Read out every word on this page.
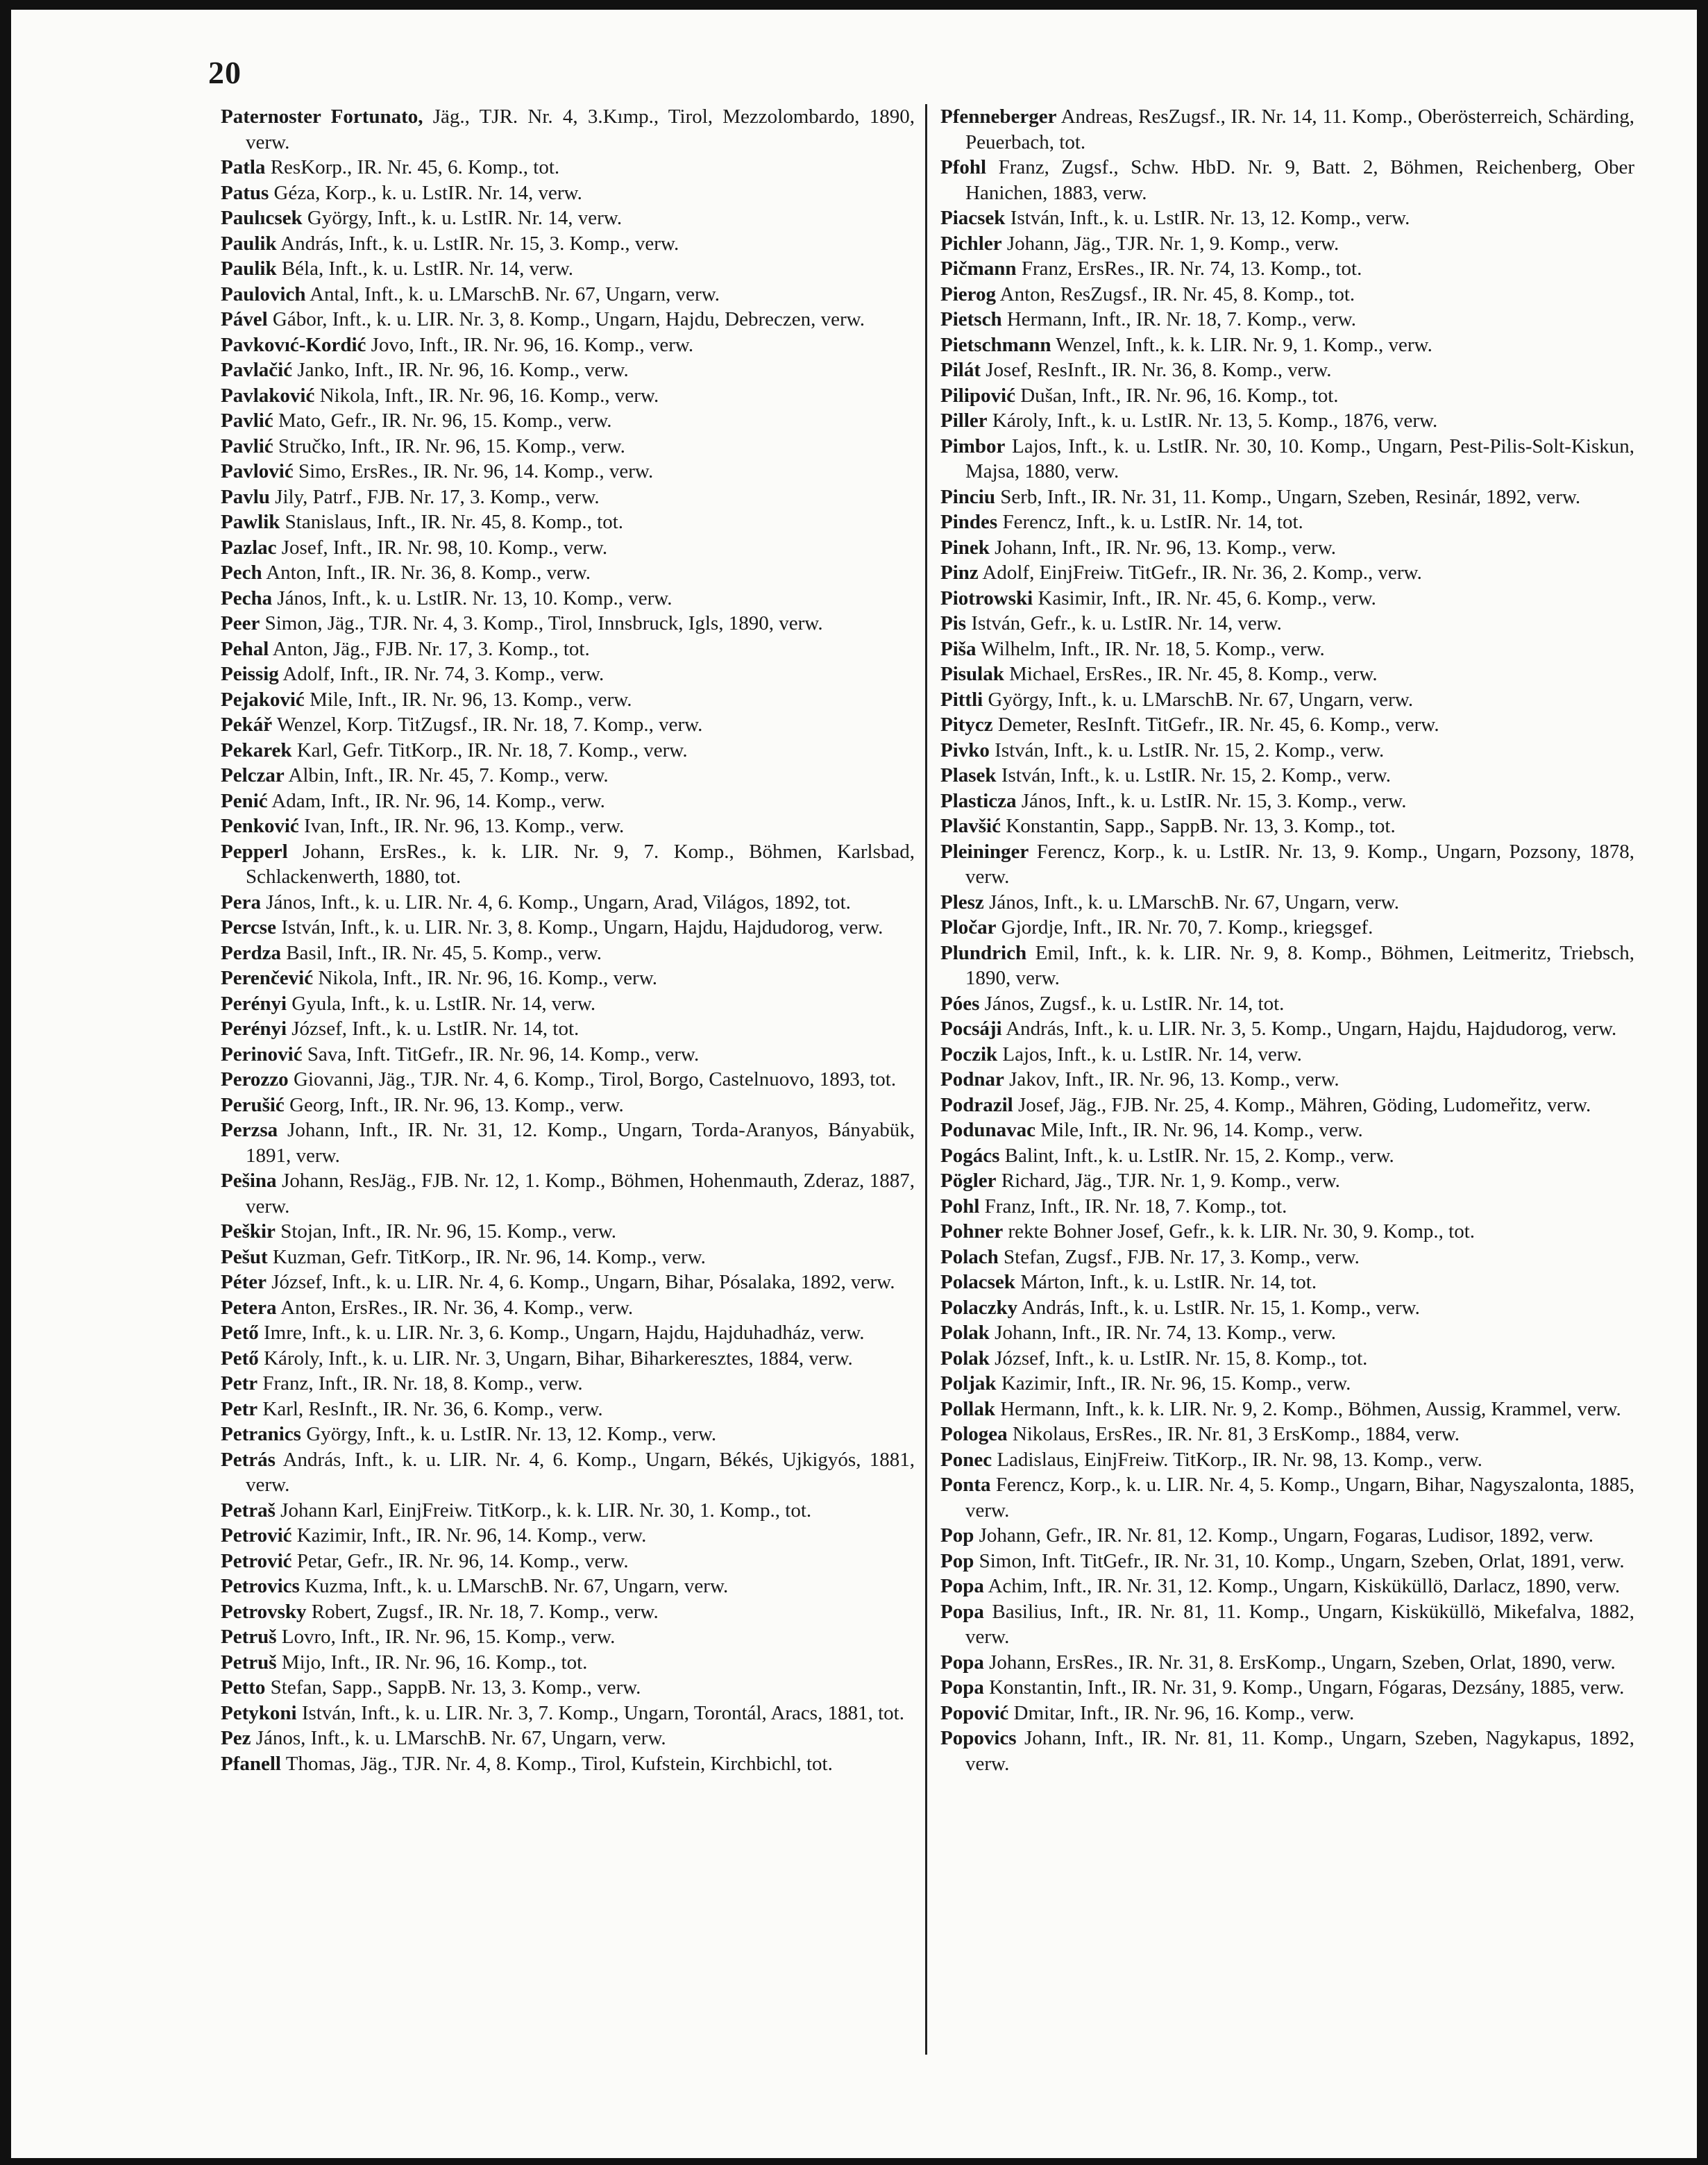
20

Paternoster Fortunato, Jäg., TJR. Nr. 4, 3.Kımp., Tirol, Mezzolombardo, 1890, verw.

Patla ResKorp., IR. Nr. 45, 6. Komp., tot.

Patus Géza, Korp., k. u. LstIR. Nr. 14, verw.

Paulıcsek György, Inft., k. u. LstIR. Nr. 14, verw.

Paulik András, Inft., k. u. LstIR. Nr. 15, 3. Komp., verw.

Paulik Béla, Inft., k. u. LstIR. Nr. 14, verw.

Paulovich Antal, Inft., k. u. LMarschB. Nr. 67, Ungarn, verw.

Pável Gábor, Inft., k. u. LIR. Nr. 3, 8. Komp., Ungarn, Hajdu, Debreczen, verw.

Pavkovıć-Kordić Jovo, Inft., IR. Nr. 96, 16. Komp., verw.

Pavlačić Janko, Inft., IR. Nr. 96, 16. Komp., verw.

Pavlaković Nikola, Inft., IR. Nr. 96, 16. Komp., verw.

Pavlić Mato, Gefr., IR. Nr. 96, 15. Komp., verw.

Pavlić Stručko, Inft., IR. Nr. 96, 15. Komp., verw.

Pavlović Simo, ErsRes., IR. Nr. 96, 14. Komp., verw.

Pavlu Jily, Patrf., FJB. Nr. 17, 3. Komp., verw.

Pawlik Stanislaus, Inft., IR. Nr. 45, 8. Komp., tot.

Pazlac Josef, Inft., IR. Nr. 98, 10. Komp., verw.

Pech Anton, Inft., IR. Nr. 36, 8. Komp., verw.

Pecha János, Inft., k. u. LstIR. Nr. 13, 10. Komp., verw.

Peer Simon, Jäg., TJR. Nr. 4, 3. Komp., Tirol, Innsbruck, Igls, 1890, verw.

Pehal Anton, Jäg., FJB. Nr. 17, 3. Komp., tot.

Peissig Adolf, Inft., IR. Nr. 74, 3. Komp., verw.

Pejaković Mile, Inft., IR. Nr. 96, 13. Komp., verw.

Pekář Wenzel, Korp. TitZugsf., IR. Nr. 18, 7. Komp., verw.

Pekarek Karl, Gefr. TitKorp., IR. Nr. 18, 7. Komp., verw.

Pelczar Albin, Inft., IR. Nr. 45, 7. Komp., verw.

Penić Adam, Inft., IR. Nr. 96, 14. Komp., verw.

Penković Ivan, Inft., IR. Nr. 96, 13. Komp., verw.

Pepperl Johann, ErsRes., k. k. LIR. Nr. 9, 7. Komp., Böhmen, Karlsbad, Schlackenwerth, 1880, tot.

Pera János, Inft., k. u. LIR. Nr. 4, 6. Komp., Ungarn, Arad, Világos, 1892, tot.

Percse István, Inft., k. u. LIR. Nr. 3, 8. Komp., Ungarn, Hajdu, Hajdudorog, verw.

Perdza Basil, Inft., IR. Nr. 45, 5. Komp., verw.

Perenčević Nikola, Inft., IR. Nr. 96, 16. Komp., verw.

Perényi Gyula, Inft., k. u. LstIR. Nr. 14, verw.

Perényi József, Inft., k. u. LstIR. Nr. 14, tot.

Perinović Sava, Inft. TitGefr., IR. Nr. 96, 14. Komp., verw.

Perozzo Giovanni, Jäg., TJR. Nr. 4, 6. Komp., Tirol, Borgo, Castelnuovo, 1893, tot.

Perušić Georg, Inft., IR. Nr. 96, 13. Komp., verw.

Perzsa Johann, Inft., IR. Nr. 31, 12. Komp., Ungarn, Torda-Aranyos, Bányabük, 1891, verw.

Pešina Johann, ResJäg., FJB. Nr. 12, 1. Komp., Böhmen, Hohenmauth, Zderaz, 1887, verw.

Peškir Stojan, Inft., IR. Nr. 96, 15. Komp., verw.

Pešut Kuzman, Gefr. TitKorp., IR. Nr. 96, 14. Komp., verw.

Péter József, Inft., k. u. LIR. Nr. 4, 6. Komp., Ungarn, Bihar, Pósalaka, 1892, verw.

Petera Anton, ErsRes., IR. Nr. 36, 4. Komp., verw.

Pető Imre, Inft., k. u. LIR. Nr. 3, 6. Komp., Ungarn, Hajdu, Hajduhadház, verw.

Pető Károly, Inft., k. u. LIR. Nr. 3, Ungarn, Bihar, Biharkeresztes, 1884, verw.

Petr Franz, Inft., IR. Nr. 18, 8. Komp., verw.

Petr Karl, ResInft., IR. Nr. 36, 6. Komp., verw.

Petranics György, Inft., k. u. LstIR. Nr. 13, 12. Komp., verw.

Petrás András, Inft., k. u. LIR. Nr. 4, 6. Komp., Ungarn, Békés, Ujkigyós, 1881, verw.

Petraš Johann Karl, EinjFreiw. TitKorp., k. k. LIR. Nr. 30, 1. Komp., tot.

Petrović Kazimir, Inft., IR. Nr. 96, 14. Komp., verw.

Petrović Petar, Gefr., IR. Nr. 96, 14. Komp., verw.

Petrovics Kuzma, Inft., k. u. LMarschB. Nr. 67, Ungarn, verw.

Petrovsky Robert, Zugsf., IR. Nr. 18, 7. Komp., verw.

Petruš Lovro, Inft., IR. Nr. 96, 15. Komp., verw.

Petruš Mijo, Inft., IR. Nr. 96, 16. Komp., tot.

Petto Stefan, Sapp., SappB. Nr. 13, 3. Komp., verw.

Petykoni István, Inft., k. u. LIR. Nr. 3, 7. Komp., Ungarn, Torontál, Aracs, 1881, tot.

Pez János, Inft., k. u. LMarschB. Nr. 67, Ungarn, verw.

Pfanell Thomas, Jäg., TJR. Nr. 4, 8. Komp., Tirol, Kufstein, Kirchbichl, tot.

Pfenneberger Andreas, ResZugsf., IR. Nr. 14, 11. Komp., Oberösterreich, Schärding, Peuerbach, tot.

Pfohl Franz, Zugsf., Schw. HbD. Nr. 9, Batt. 2, Böhmen, Reichenberg, Ober Hanichen, 1883, verw.

Piacsek István, Inft., k. u. LstIR. Nr. 13, 12. Komp., verw.

Pichler Johann, Jäg., TJR. Nr. 1, 9. Komp., verw.

Pičmann Franz, ErsRes., IR. Nr. 74, 13. Komp., tot.

Pierog Anton, ResZugsf., IR. Nr. 45, 8. Komp., tot.

Pietsch Hermann, Inft., IR. Nr. 18, 7. Komp., verw.

Pietschmann Wenzel, Inft., k. k. LIR. Nr. 9, 1. Komp., verw.

Pilát Josef, ResInft., IR. Nr. 36, 8. Komp., verw.

Pilipović Dušan, Inft., IR. Nr. 96, 16. Komp., tot.

Piller Károly, Inft., k. u. LstIR. Nr. 13, 5. Komp., 1876, verw.

Pimbor Lajos, Inft., k. u. LstIR. Nr. 30, 10. Komp., Ungarn, Pest-Pilis-Solt-Kiskun, Majsa, 1880, verw.

Pinciu Serb, Inft., IR. Nr. 31, 11. Komp., Ungarn, Szeben, Resinár, 1892, verw.

Pindes Ferencz, Inft., k. u. LstIR. Nr. 14, tot.

Pinek Johann, Inft., IR. Nr. 96, 13. Komp., verw.

Pinz Adolf, EinjFreiw. TitGefr., IR. Nr. 36, 2. Komp., verw.

Piotrowski Kasimir, Inft., IR. Nr. 45, 6. Komp., verw.

Pis István, Gefr., k. u. LstIR. Nr. 14, verw.

Piša Wilhelm, Inft., IR. Nr. 18, 5. Komp., verw.

Pisulak Michael, ErsRes., IR. Nr. 45, 8. Komp., verw.

Pittli György, Inft., k. u. LMarschB. Nr. 67, Ungarn, verw.

Pitycz Demeter, ResInft. TitGefr., IR. Nr. 45, 6. Komp., verw.

Pivko István, Inft., k. u. LstIR. Nr. 15, 2. Komp., verw.

Plasek István, Inft., k. u. LstIR. Nr. 15, 2. Komp., verw.

Plasticza János, Inft., k. u. LstIR. Nr. 15, 3. Komp., verw.

Plavšić Konstantin, Sapp., SappB. Nr. 13, 3. Komp., tot.

Pleininger Ferencz, Korp., k. u. LstIR. Nr. 13, 9. Komp., Ungarn, Pozsony, 1878, verw.

Plesz János, Inft., k. u. LMarschB. Nr. 67, Ungarn, verw.

Pločar Gjordje, Inft., IR. Nr. 70, 7. Komp., kriegsgef.

Plundrich Emil, Inft., k. k. LIR. Nr. 9, 8. Komp., Böhmen, Leitmeritz, Triebsch, 1890, verw.

Póes János, Zugsf., k. u. LstIR. Nr. 14, tot.

Pocsáji András, Inft., k. u. LIR. Nr. 3, 5. Komp., Ungarn, Hajdu, Hajdudorog, verw.

Poczik Lajos, Inft., k. u. LstIR. Nr. 14, verw.

Podnar Jakov, Inft., IR. Nr. 96, 13. Komp., verw.

Podrazil Josef, Jäg., FJB. Nr. 25, 4. Komp., Mähren, Göding, Ludomeřitz, verw.

Podunavac Mile, Inft., IR. Nr. 96, 14. Komp., verw.

Pogács Balint, Inft., k. u. LstIR. Nr. 15, 2. Komp., verw.

Pögler Richard, Jäg., TJR. Nr. 1, 9. Komp., verw.

Pohl Franz, Inft., IR. Nr. 18, 7. Komp., tot.

Pohner rekte Bohner Josef, Gefr., k. k. LIR. Nr. 30, 9. Komp., tot.

Polach Stefan, Zugsf., FJB. Nr. 17, 3. Komp., verw.

Polacsek Márton, Inft., k. u. LstIR. Nr. 14, tot.

Polaczky András, Inft., k. u. LstIR. Nr. 15, 1. Komp., verw.

Polak Johann, Inft., IR. Nr. 74, 13. Komp., verw.

Polak József, Inft., k. u. LstIR. Nr. 15, 8. Komp., tot.

Poljak Kazimir, Inft., IR. Nr. 96, 15. Komp., verw.

Pollak Hermann, Inft., k. k. LIR. Nr. 9, 2. Komp., Böhmen, Aussig, Krammel, verw.

Pologea Nikolaus, ErsRes., IR. Nr. 81, 3 ErsKomp., 1884, verw.

Ponec Ladislaus, EinjFreiw. TitKorp., IR. Nr. 98, 13. Komp., verw.

Ponta Ferencz, Korp., k. u. LIR. Nr. 4, 5. Komp., Ungarn, Bihar, Nagyszalonta, 1885, verw.

Pop Johann, Gefr., IR. Nr. 81, 12. Komp., Ungarn, Fogaras, Ludisor, 1892, verw.

Pop Simon, Inft. TitGefr., IR. Nr. 31, 10. Komp., Ungarn, Szeben, Orlat, 1891, verw.

Popa Achim, Inft., IR. Nr. 31, 12. Komp., Ungarn, Kisküküllö, Darlacz, 1890, verw.

Popa Basilius, Inft., IR. Nr. 81, 11. Komp., Ungarn, Kisküküllö, Mikefalva, 1882, verw.

Popa Johann, ErsRes., IR. Nr. 31, 8. ErsKomp., Ungarn, Szeben, Orlat, 1890, verw.

Popa Konstantin, Inft., IR. Nr. 31, 9. Komp., Ungarn, Fógaras, Dezsány, 1885, verw.

Popović Dmitar, Inft., IR. Nr. 96, 16. Komp., verw.

Popovics Johann, Inft., IR. Nr. 81, 11. Komp., Ungarn, Szeben, Nagykapus, 1892, verw.
